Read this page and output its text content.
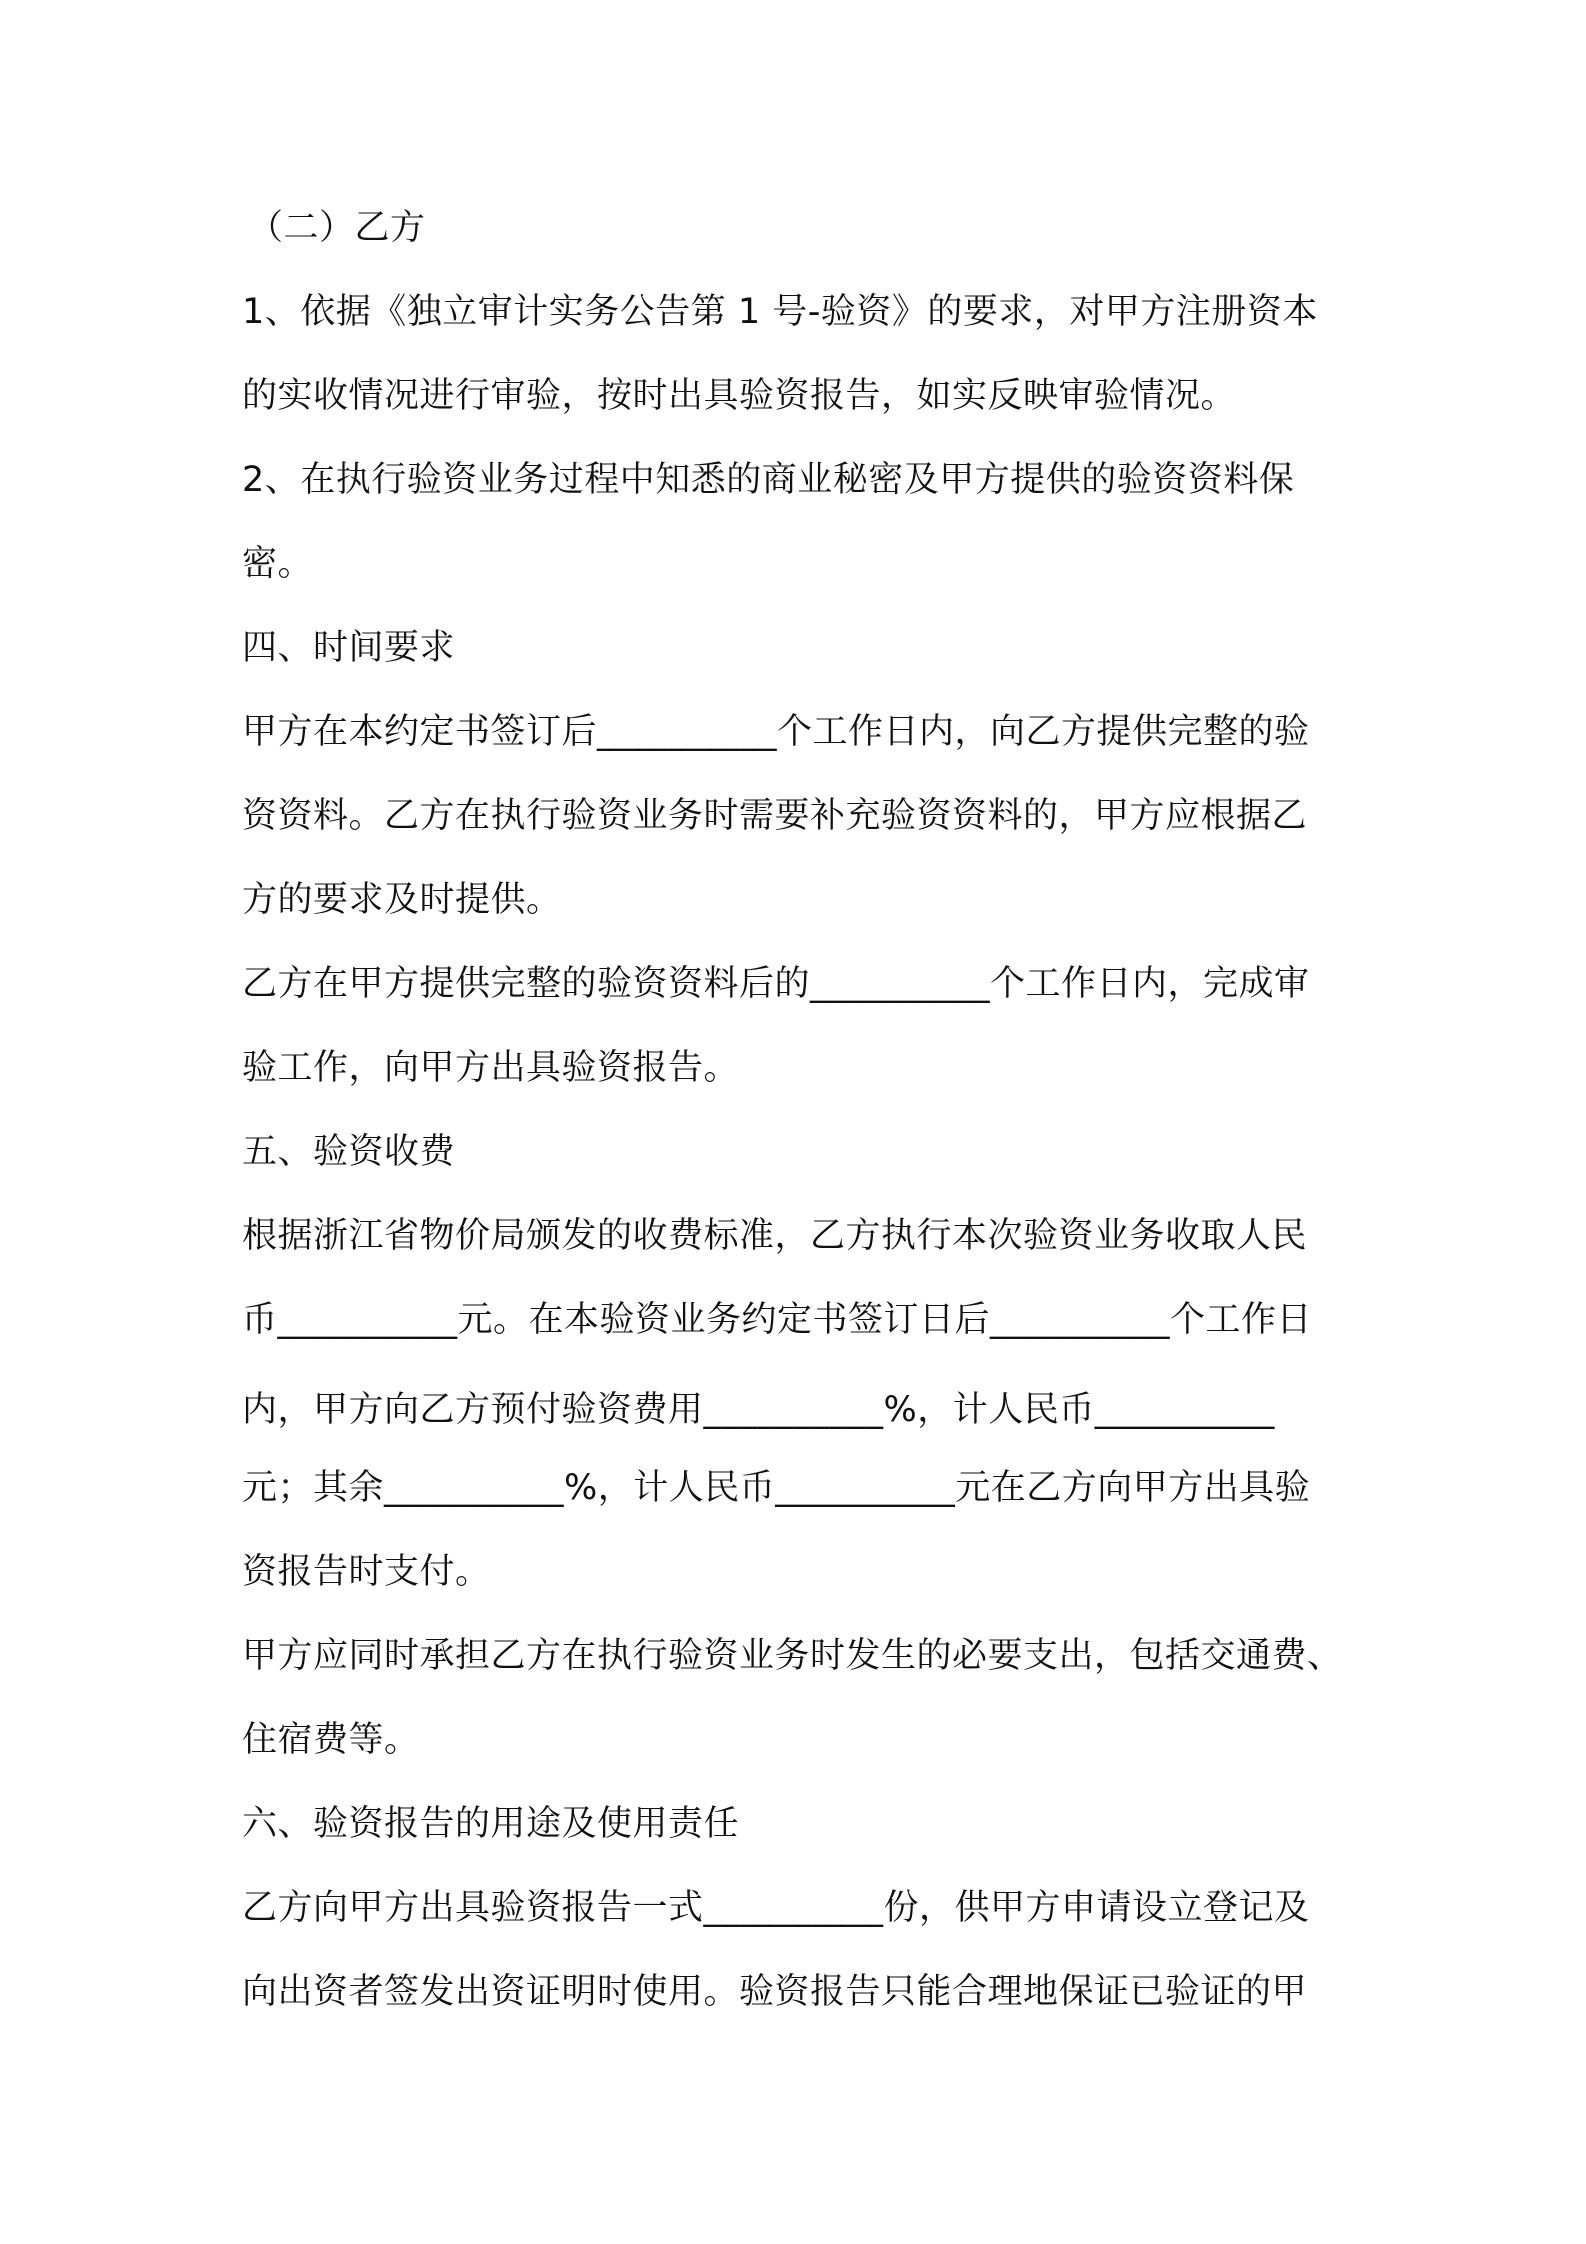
（二）乙方
1、依据《独立审计实务公告第 1 号-验资》的要求，对甲方注册资本
的实收情况进行审验，按时出具验资报告，如实反映审验情况。
2、在执行验资业务过程中知悉的商业秘密及甲方提供的验资资料保
密。
四、时间要求
甲方在本约定书签订后__________个工作日内，向乙方提供完整的验
资资料。乙方在执行验资业务时需要补充验资资料的，甲方应根据乙
方的要求及时提供。
乙方在甲方提供完整的验资资料后的__________个工作日内，完成审
验工作，向甲方出具验资报告。
五、验资收费
根据浙江省物价局颁发的收费标准，乙方执行本次验资业务收取人民
币__________元。在本验资业务约定书签订日后__________个工作日
内，甲方向乙方预付验资费用__________%，计人民币__________
元；其余__________%，计人民币__________元在乙方向甲方出具验
资报告时支付。
甲方应同时承担乙方在执行验资业务时发生的必要支出，包括交通费、
住宿费等。
六、验资报告的用途及使用责任
乙方向甲方出具验资报告一式__________份，供甲方申请设立登记及
向出资者签发出资证明时使用。验资报告只能合理地保证已验证的甲
